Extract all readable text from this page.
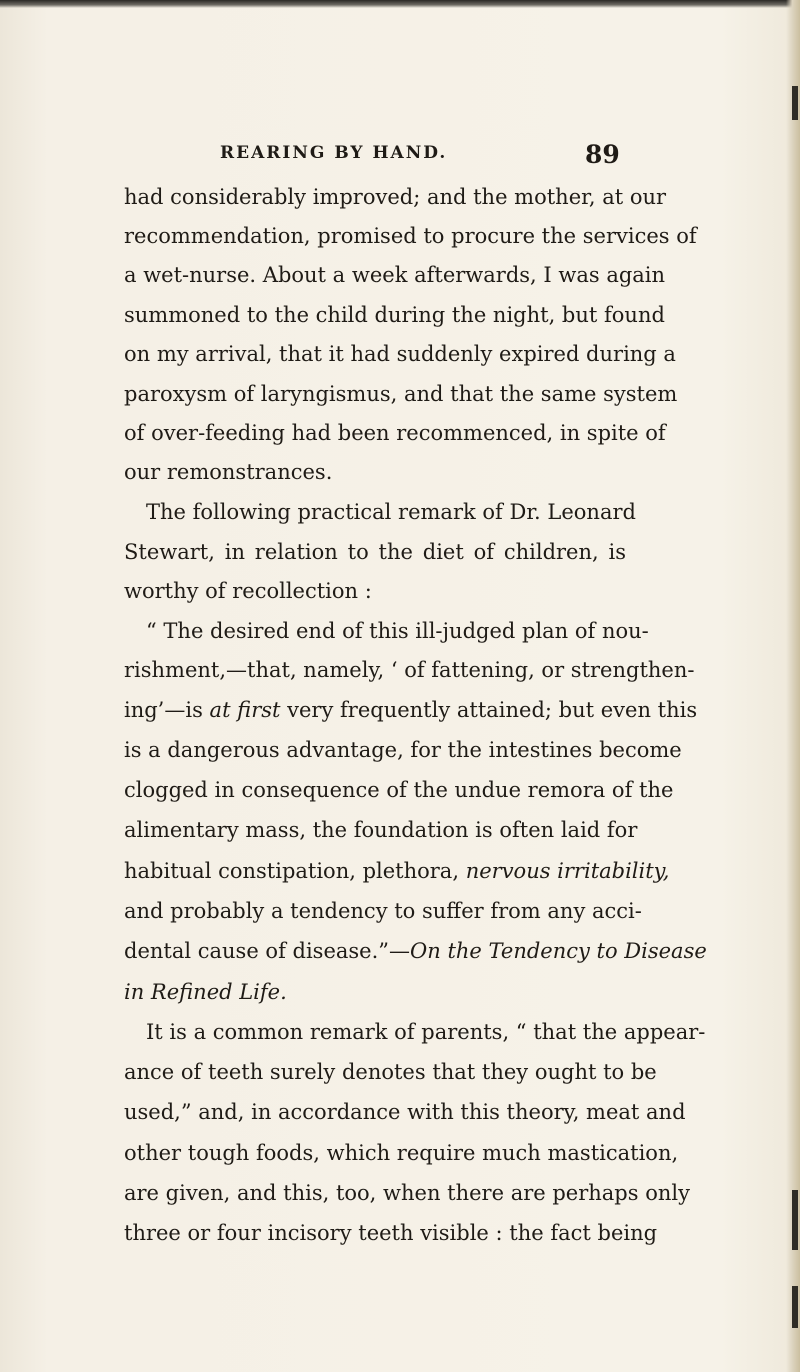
REARING BY HAND.	89
had considerably improved; and the mother, at our
recommendation, promised to procure the services of
a wet-nurse. About a week afterwards, I was again
summoned to the child during the night, but found
on my arrival, that it had suddenly expired during a
paroxysm of laryngismus, and that the same system
of over-feeding had been recommenced, in spite of
our remonstrances.
The following practical remark of Dr. Leonard
Stewart, in relation to the diet of children, is
worthy of recollection :
“ The desired end of this ill-judged plan of nou-
rishment,—that, namely, ‘ of fattening, or strengthen-
ing’—is at first very frequently attained; but even this
is a dangerous advantage, for the intestines become
clogged in consequence of the undue remora of the
alimentary mass, the foundation is often laid for
habitual constipation, plethora, nervous irritability,
and probably a tendency to suffer from any acci-
dental cause of disease.”—On the Tendency to Disease
in Refined Life.
It is a common remark of parents, “ that the appear-
ance of teeth surely denotes that they ought to be
used,” and, in accordance with this theory, meat and
other tough foods, which require much mastication,
are given, and this, too, when there are perhaps only
three or four incisory teeth visible : the fact being
